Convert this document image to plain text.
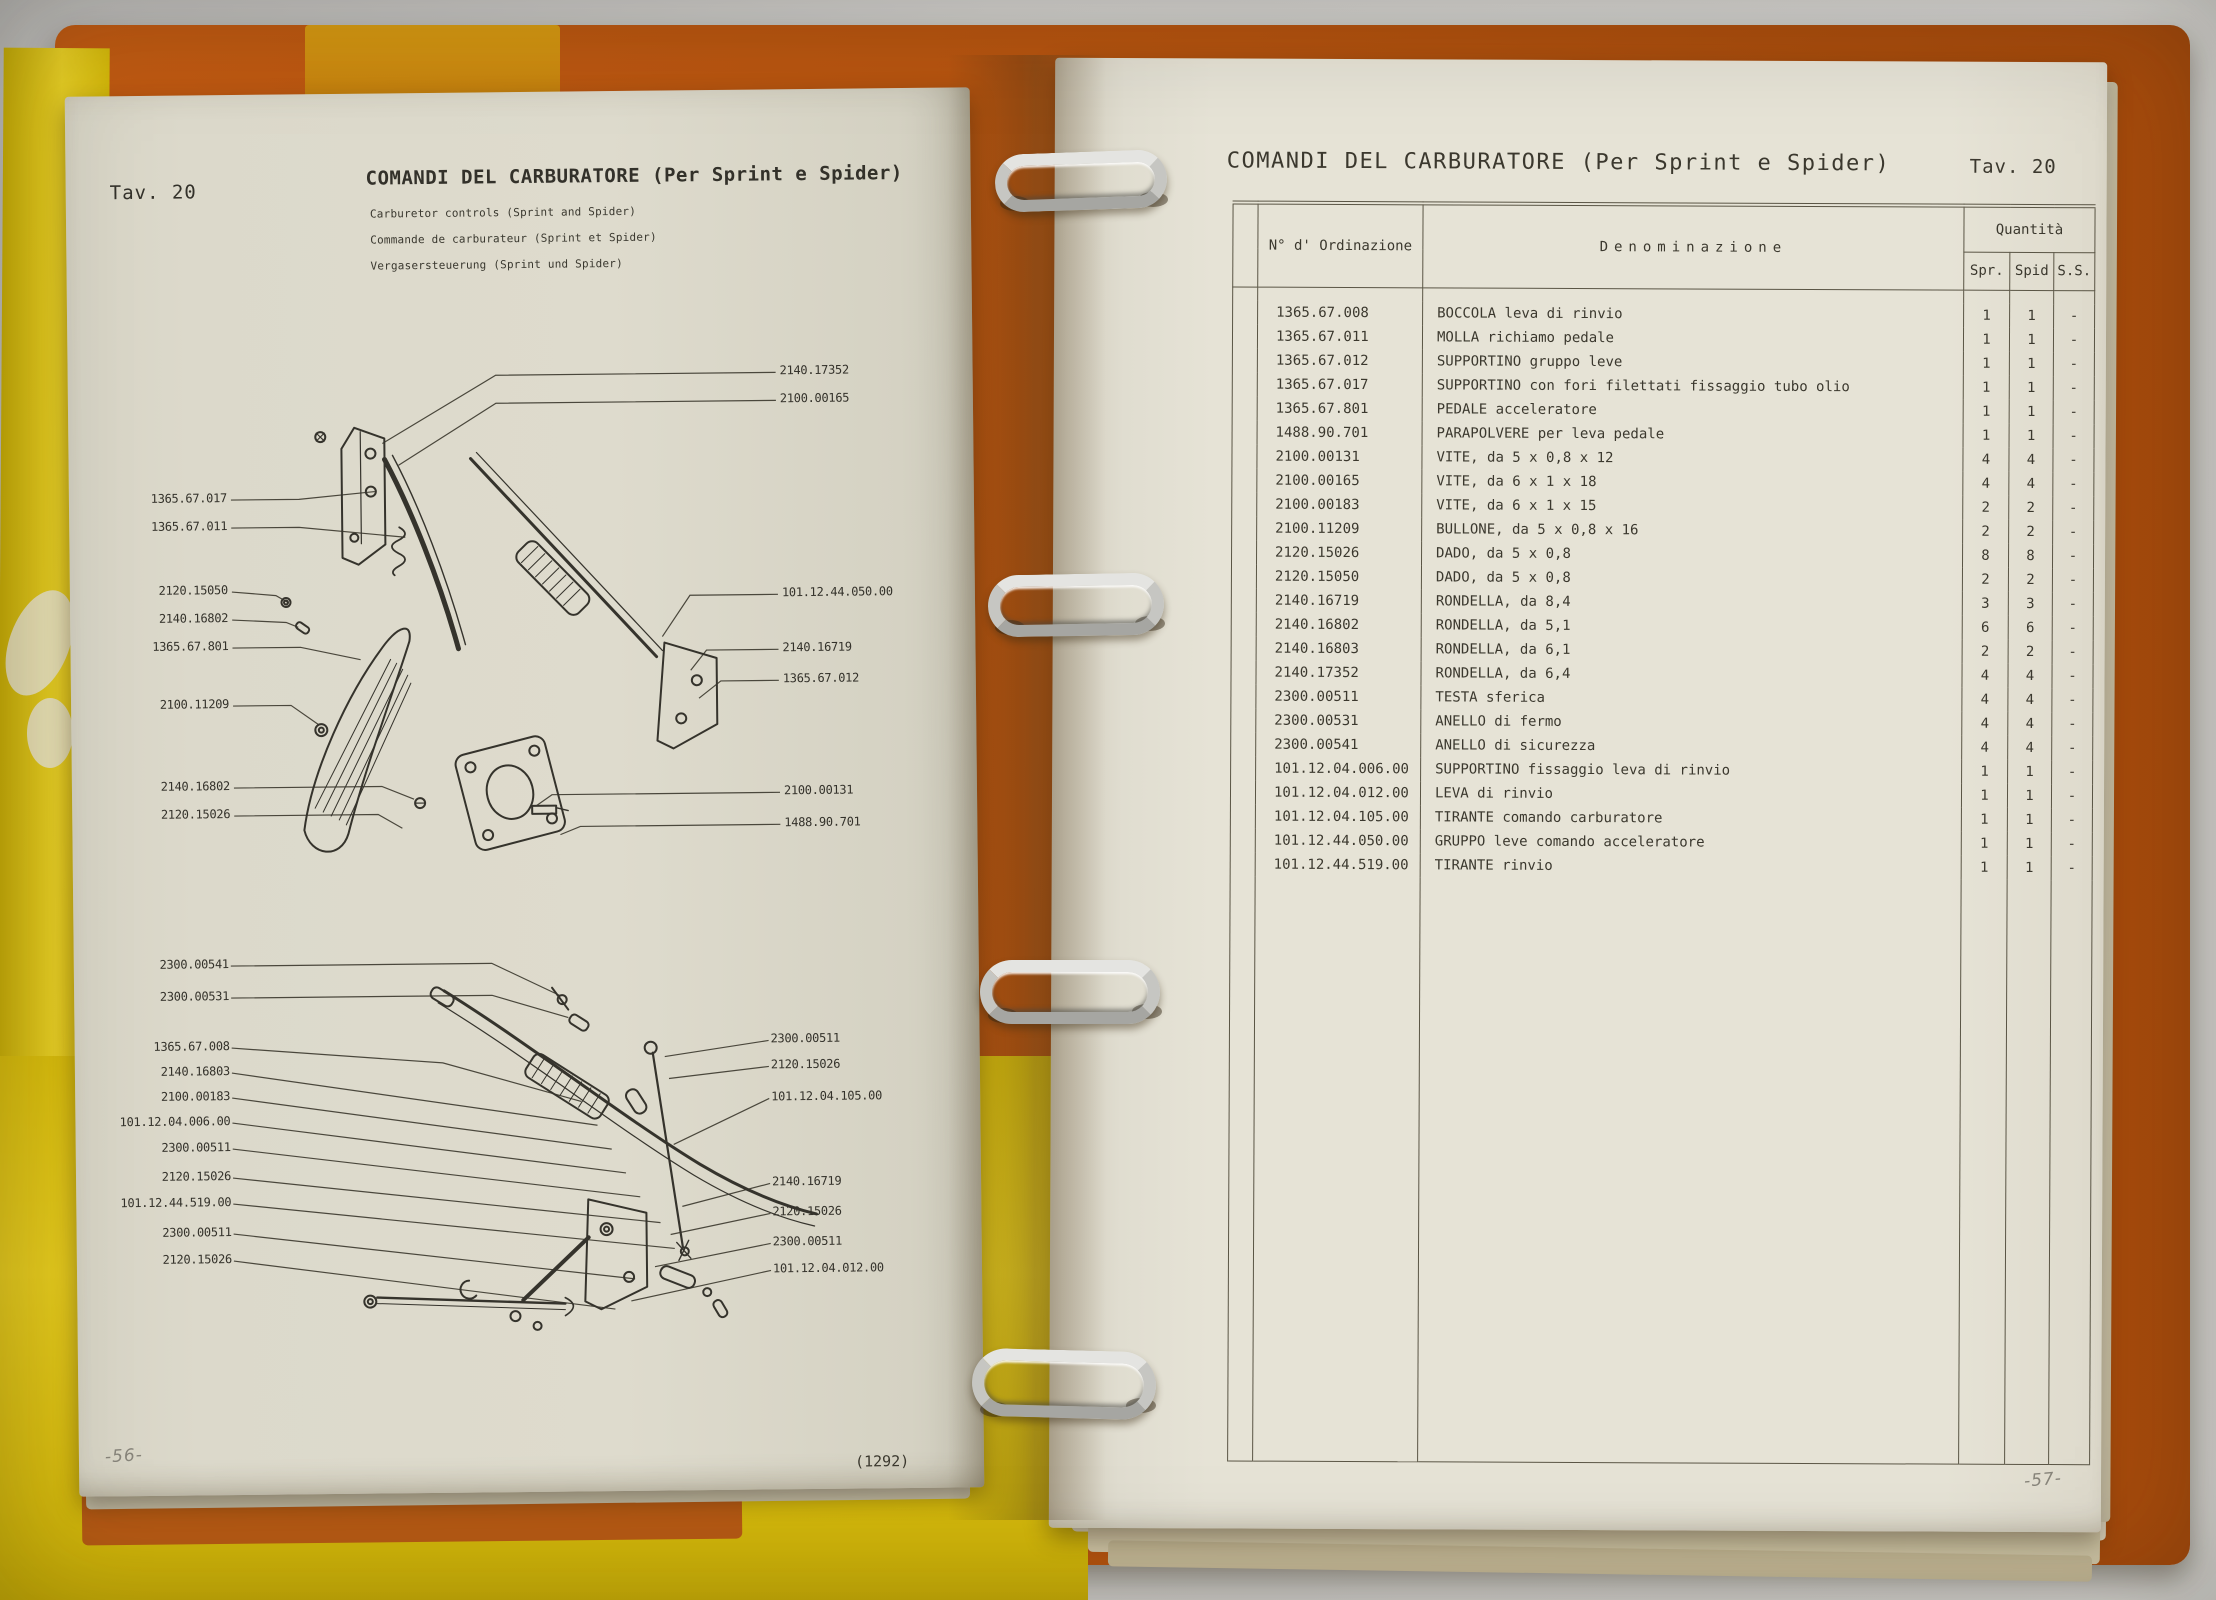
Tav. 20
COMANDI DEL CARBURATORE (Per Sprint e Spider)
Carburetor controls (Sprint and Spider)
Commande de carburateur (Sprint et Spider)
Vergasersteuerung (Sprint und Spider)
1365.67.017
1365.67.011
2120.15050
2140.16802
1365.67.801
2100.11209
2140.16802
2120.15026
2140.17352
2100.00165
101.12.44.050.00
2140.16719
1365.67.012
2100.00131
1488.90.701
2300.00541
2300.00531
1365.67.008
2140.16803
2100.00183
101.12.04.006.00
2300.00511
2120.15026
101.12.44.519.00
2300.00511
2120.15026
2300.00511
2120.15026
101.12.04.105.00
2140.16719
2120.15026
2300.00511
101.12.04.012.00
(1292)
-56-
COMANDI DEL CARBURATORE (Per Sprint e Spider)	Tav. 20
	N° d' Ordinazione	Denominazione	Quantità		
			Spr.	Spid	S.S.

	1365.67.008	BOCCOLA leva di rinvio	1	1	-
	1365.67.011	MOLLA richiamo pedale	1	1	-
	1365.67.012	SUPPORTINO gruppo leve	1	1	-
	1365.67.017	SUPPORTINO con fori filettati fissaggio tubo olio	1	1	-
	1365.67.801	PEDALE acceleratore	1	1	-
	1488.90.701	PARAPOLVERE per leva pedale	1	1	-
	2100.00131	VITE, da 5 x 0,8 x 12	4	4	-
	2100.00165	VITE, da 6 x 1 x 18	4	4	-
	2100.00183	VITE, da 6 x 1 x 15	2	2	-
	2100.11209	BULLONE, da 5 x 0,8 x 16	2	2	-
	2120.15026	DADO, da 5 x 0,8	8	8	-
	2120.15050	DADO, da 5 x 0,8	2	2	-
	2140.16719	RONDELLA, da 8,4	3	3	-
	2140.16802	RONDELLA, da 5,1	6	6	-
	2140.16803	RONDELLA, da 6,1	2	2	-
	2140.17352	RONDELLA, da 6,4	4	4	-
	2300.00511	TESTA sferica	4	4	-
	2300.00531	ANELLO di fermo	4	4	-
	2300.00541	ANELLO di sicurezza	4	4	-
	101.12.04.006.00	SUPPORTINO fissaggio leva di rinvio	1	1	-
	101.12.04.012.00	LEVA di rinvio	1	1	-
	101.12.04.105.00	TIRANTE comando carburatore	1	1	-
	101.12.44.050.00	GRUPPO leve comando acceleratore	1	1	-
	101.12.44.519.00	TIRANTE rinvio	1	1	-

-57-
